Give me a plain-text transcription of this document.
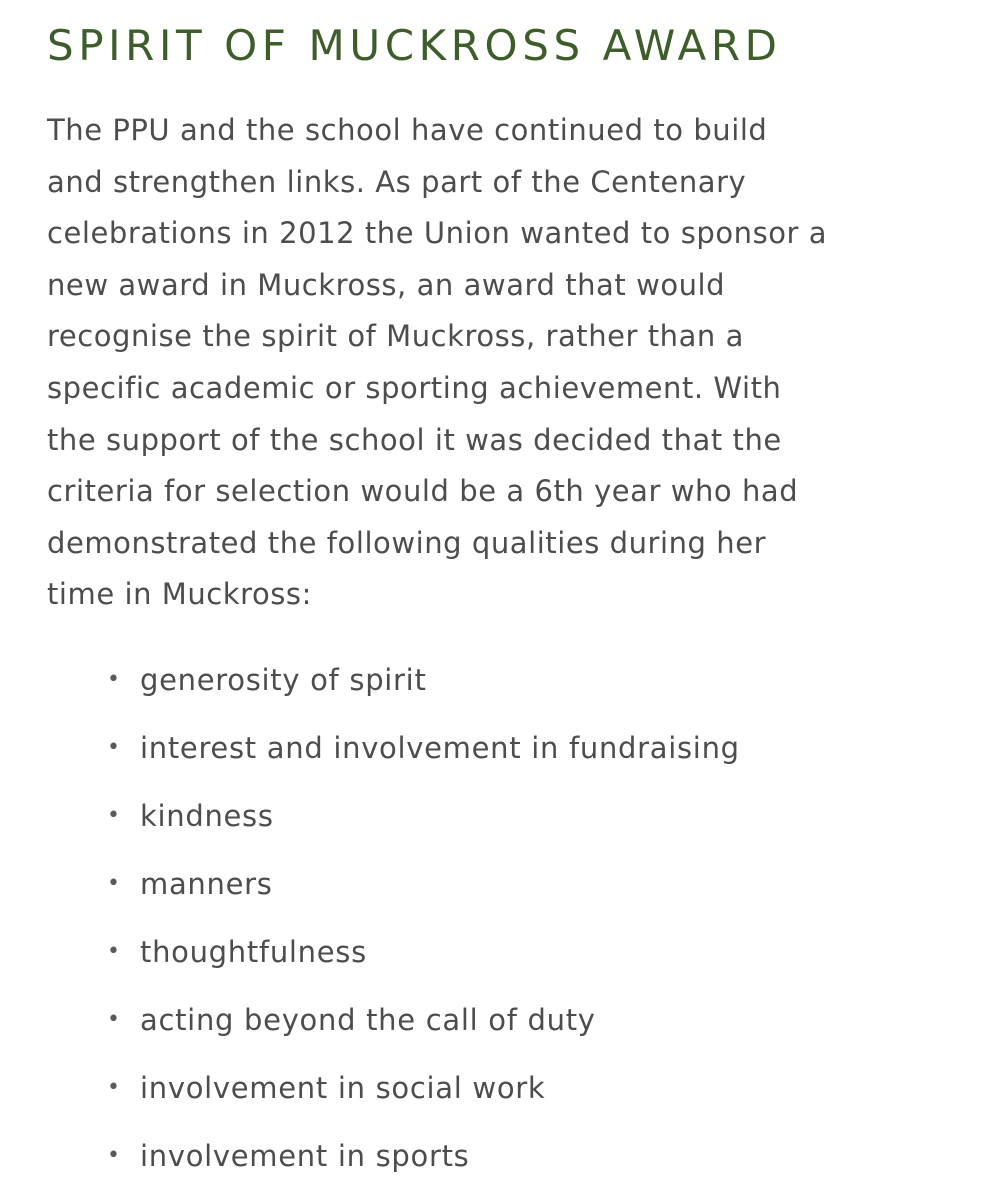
SPIRIT OF MUCKROSS AWARD

The PPU and the school have continued to build
and strengthen links. As part of the Centenary
celebrations in 2012 the Union wanted to sponsor a
new award in Muckross, an award that would
recognise the spirit of Muckross, rather than a
specific academic or sporting achievement. With
the support of the school it was decided that the
criteria for selection would be a 6th year who had
demonstrated the following qualities during her
time in Muckross:

• generosity of spirit
• interest and involvement in fundraising
• kindness
• manners
• thoughtfulness
• acting beyond the call of duty
• involvement in social work
• involvement in sports
